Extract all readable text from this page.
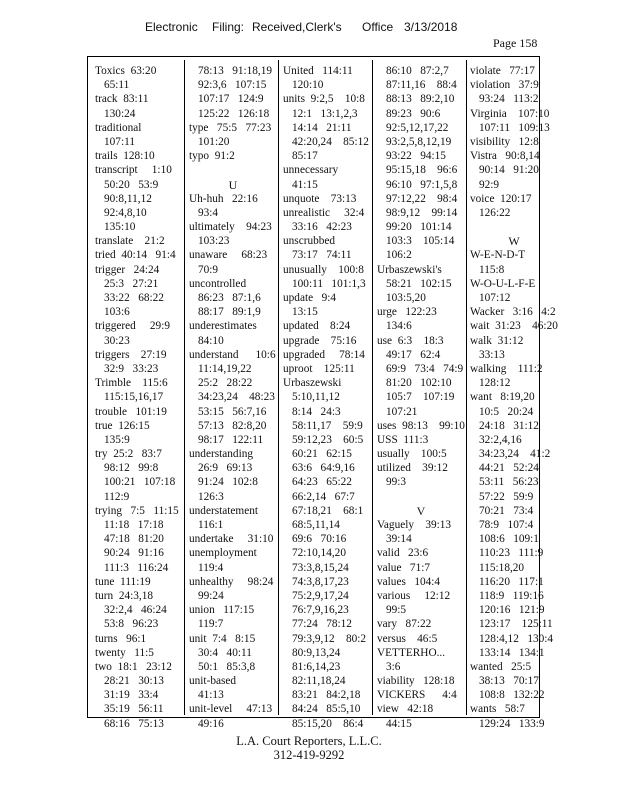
Electronic Filing: Received,Clerk's Office 3/13/2018
Page 158
Toxics  63:20
65:11
track  83:11
130:24
traditional
107:11
trails  128:10
transcript     1:10
50:20   53:9
90:8,11,12
92:4,8,10
135:10
translate    21:2
tried  40:14   91:4
trigger   24:24
25:3   27:21
33:22   68:22
103:6
triggered     29:9
30:23
triggers    27:19
32:9   33:23
Trimble    115:6
115:15,16,17
trouble   101:19
true  126:15
135:9
try  25:2   83:7
98:12   99:8
100:21   107:18
112:9
trying   7:5   11:15
11:18   17:18
47:18   81:20
90:24   91:16
111:3   116:24
tune  111:19
turn  24:3,18
32:2,4   46:24
53:8   96:23
turns   96:1
twenty   11:5
two  18:1   23:12
28:21   30:13
31:19   33:4
35:19   56:11
68:16   75:13
78:13   91:18,19
92:3,6   107:15
107:17   124:9
125:22   126:18
type   75:5   77:23
101:20
typo  91:2
U
Uh-huh   22:16
93:4
ultimately    94:23
103:23
unaware     68:23
70:9
uncontrolled
86:23   87:1,6
88:17   89:1,9
underestimates
84:10
understand      10:6
11:14,19,22
25:2   28:22
34:23,24    48:23
53:15   56:7,16
57:13   82:8,20
98:17   122:11
understanding
26:9   69:13
91:24   102:8
126:3
understatement
116:1
undertake     31:10
unemployment
119:4
unhealthy     98:24
99:24
union   117:15
119:7
unit  7:4   8:15
30:4   40:11
50:1   85:3,8
unit-based
41:13
unit-level     47:13
49:16
United   114:11
120:10
units  9:2,5    10:8
12:1   13:1,2,3
14:14   21:11
42:20,24    85:12
85:17
unnecessary
41:15
unquote    73:13
unrealistic     32:4
33:16   42:23
unscrubbed
73:17   74:11
unusually    100:8
100:11   101:1,3
update   9:4
13:15
updated    8:24
upgrade    75:16
upgraded     78:14
uproot    125:11
Urbaszewski
5:10,11,12
8:14   24:3
58:11,17    59:9
59:12,23    60:5
60:21   62:15
63:6   64:9,16
64:23   65:22
66:2,14   67:7
67:18,21    68:1
68:5,11,14
69:6   70:16
72:10,14,20
73:3,8,15,24
74:3,8,17,23
75:2,9,17,24
76:7,9,16,23
77:24   78:12
79:3,9,12    80:2
80:9,13,24
81:6,14,23
82:11,18,24
83:21   84:2,18
84:24   85:5,10
85:15,20    86:4
86:10   87:2,7
87:11,16    88:4
88:13   89:2,10
89:23   90:6
92:5,12,17,22
93:2,5,8,12,19
93:22   94:15
95:15,18    96:6
96:10   97:1,5,8
97:12,22    98:4
98:9,12    99:14
99:20   101:14
103:3    105:14
106:2
Urbaszewski's
58:21   102:15
103:5,20
urge   122:23
134:6
use  6:3    18:3
49:17   62:4
69:9   73:4   74:9
81:20   102:10
105:7    107:19
107:21
uses  98:13    99:10
USS  111:3
usually    100:5
utilized    39:12
99:3
V
Vaguely    39:13
39:14
valid   23:6
value   71:7
values   104:4
various     12:12
99:5
vary   87:22
versus    46:5
VETTERHO...
3:6
viability   128:18
VICKERS      4:4
view   42:18
44:15
violate   77:17
violation   37:9
93:24   113:2
Virginia    107:10
107:11   109:13
visibility   12:8
Vistra   90:8,14
90:14   91:20
92:9
voice  120:17
126:22
W
W-E-N-D-T
115:8
W-O-U-L-F-E
107:12
Wacker   3:16   4:2
wait  31:23    46:20
walk  31:12
33:13
walking    111:2
128:12
want   8:19,20
10:5   20:24
24:18   31:12
32:2,4,16
34:23,24    41:2
44:21   52:24
53:11   56:23
57:22   59:9
70:21   73:4
78:9   107:4
108:6   109:1
110:23   111:9
115:18,20
116:20   117:1
118:9   119:16
120:16   121:9
123:17    125:11
128:4,12   130:4
133:14   134:1
wanted   25:5
38:13   70:17
108:8   132:22
wants   58:7
129:24   133:9
L.A. Court Reporters, L.L.C.
312-419-9292
